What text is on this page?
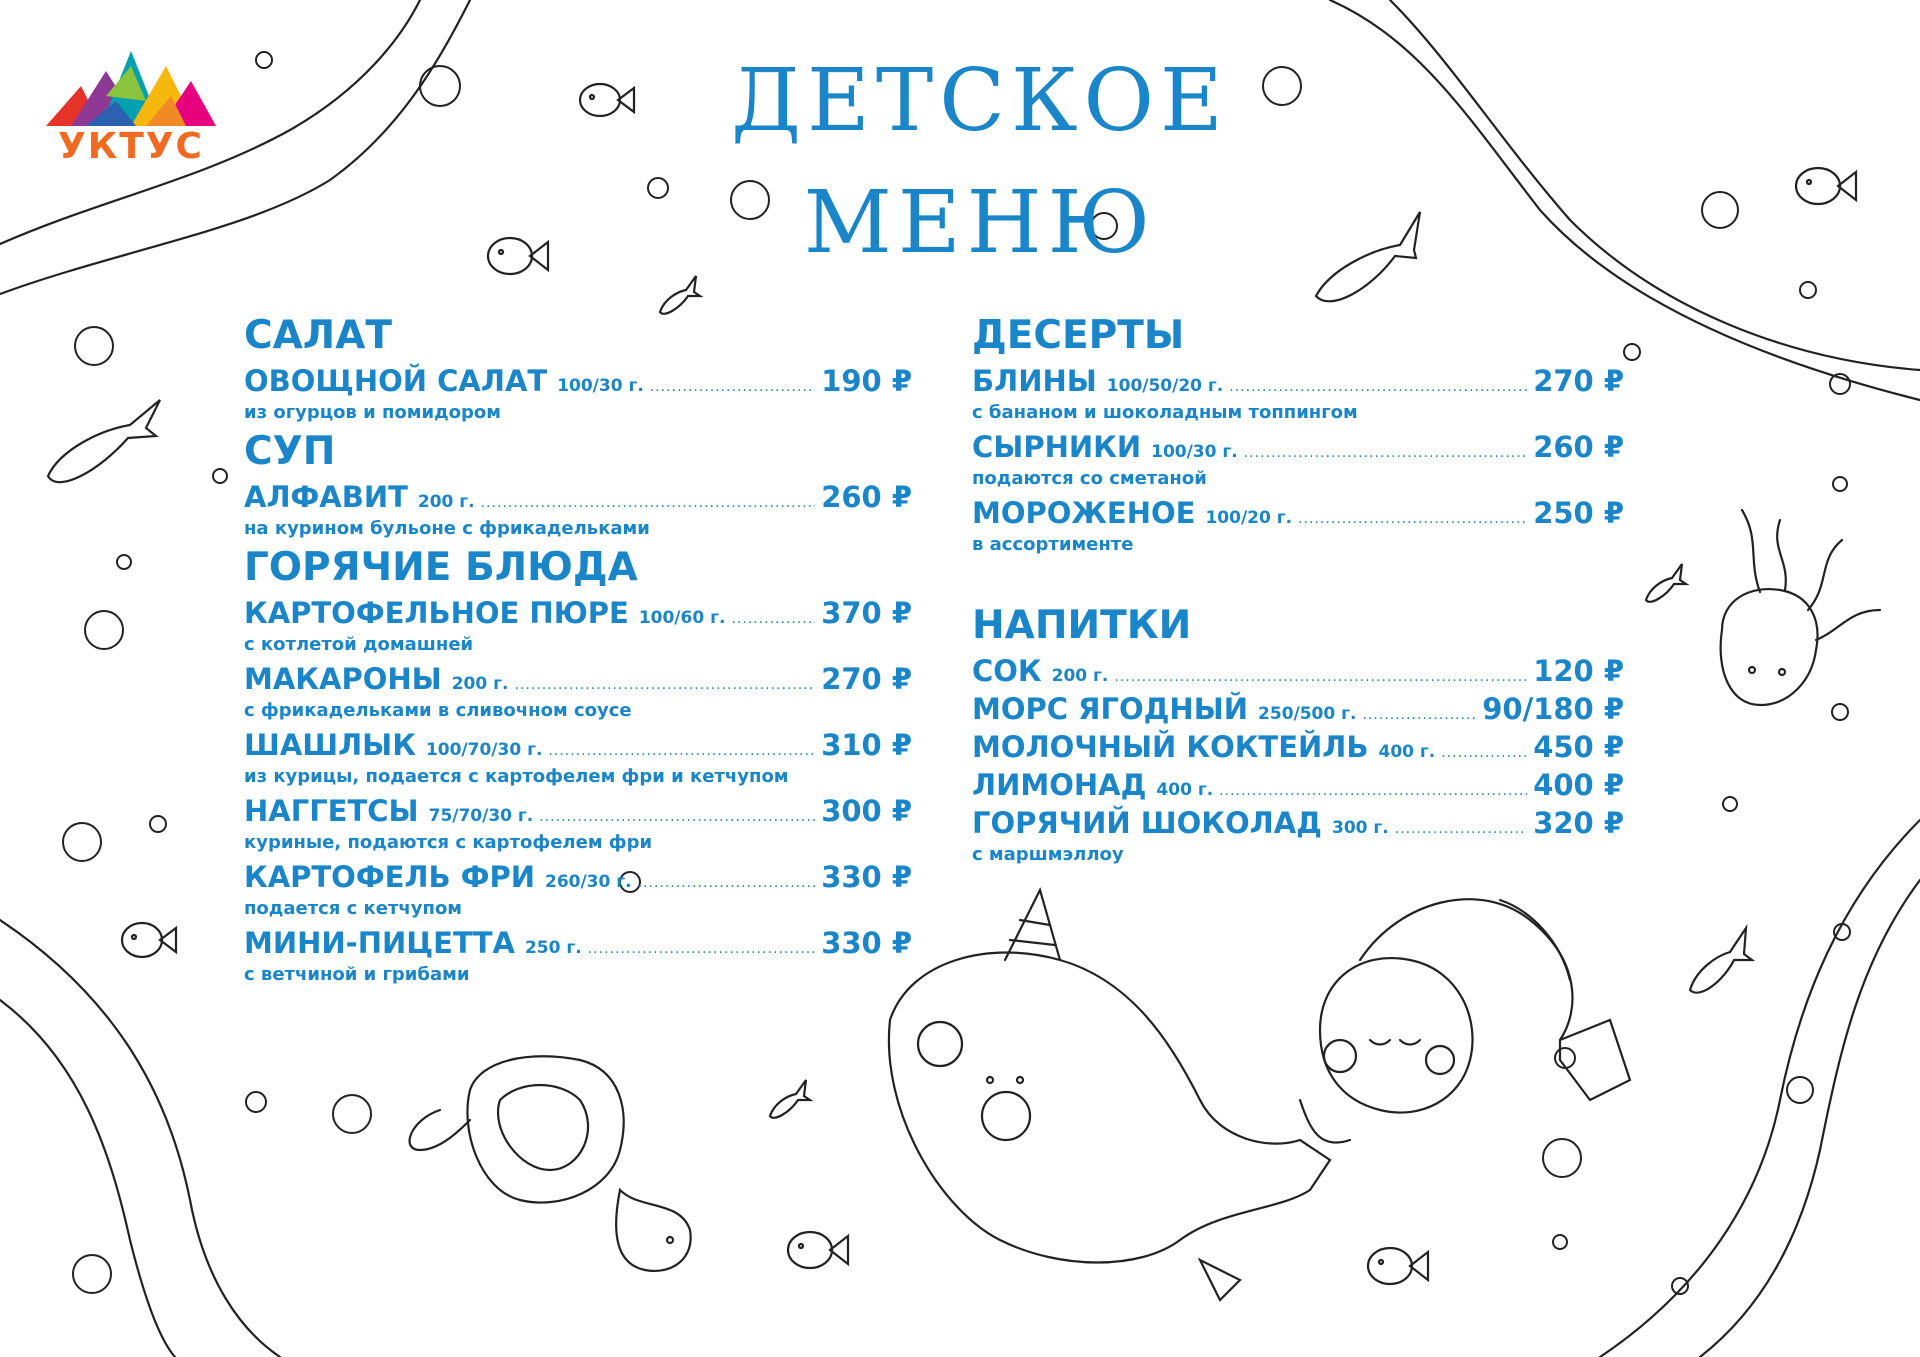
УКТУС	ДЕТСКОЕ
МЕНЮ
САЛАТ
ОВОЩНОЙ САЛАТ 100/30 г. .....	190 ₽
из огурцов и помидором
СУП
АЛФАВИТ 200 г. .....	260 ₽
на курином бульоне с фрикадельками
ГОРЯЧИЕ БЛЮДА
КАРТОФЕЛЬНОЕ ПЮРЕ 100/60 г. .....	370 ₽
с котлетой домашней
МАКАРОНЫ 200 г. .....	270 ₽
с фрикадельками в сливочном соусе
ШАШЛЫК 100/70/30 г. .....	310 ₽
из курицы, подается с картофелем фри и кетчупом
НАГГЕТСЫ 75/70/30 г. .....	300 ₽
куриные, подаются с картофелем фри
КАРТОФЕЛЬ ФРИ 260/30 г. .....	330 ₽
подается с кетчупом
МИНИ-ПИЦЕТТА 250 г. .....	330 ₽
с ветчиной и грибами
ДЕСЕРТЫ
БЛИНЫ 100/50/20 г. .....	270 ₽
с бананом и шоколадным топпингом
СЫРНИКИ 100/30 г. .....	260 ₽
подаются со сметаной
МОРОЖЕНОЕ 100/20 г. .....	250 ₽
в ассортименте
НАПИТКИ
СОК 200 г. .....	120 ₽
МОРС ЯГОДНЫЙ 250/500 г. .....	90/180 ₽
МОЛОЧНЫЙ КОКТЕЙЛЬ 400 г. .....	450 ₽
ЛИМОНАД 400 г. .....	400 ₽
ГОРЯЧИЙ ШОКОЛАД 300 г. .....	320 ₽
с маршмэллоу
